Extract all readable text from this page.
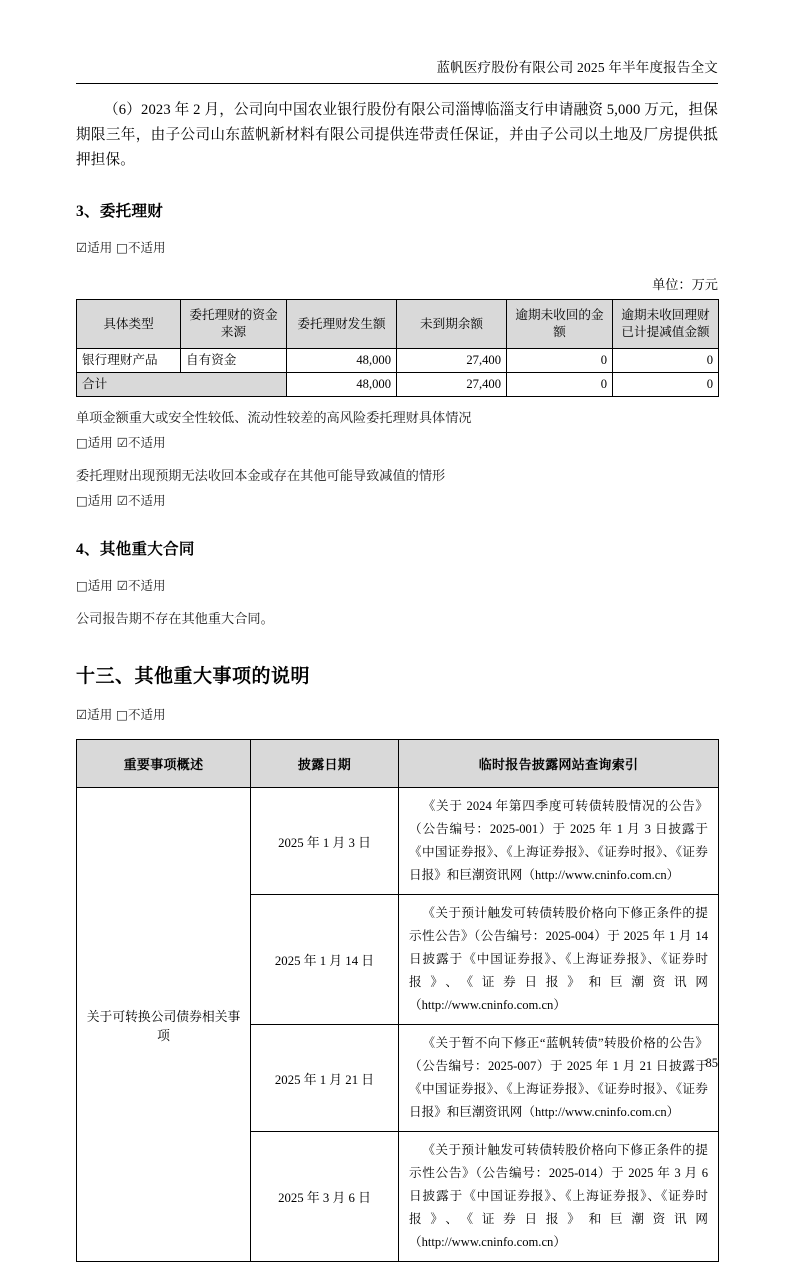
蓝帆医疗股份有限公司 2025 年半年度报告全文

（6）2023 年 2 月，公司向中国农业银行股份有限公司淄博临淄支行申请融资 5,000 万元，担保期限三年，由子公司山东蓝帆新材料有限公司提供连带责任保证，并由子公司以土地及厂房提供抵押担保。

3、委托理财

☑适用 □不适用

单位：万元
具体类型	委托理财的资金来源	委托理财发生额	未到期余额	逾期未收回的金额	逾期未收回理财已计提减值金额
银行理财产品	自有资金	48,000	27,400	0	0
合计		48,000	27,400	0	0

单项金额重大或安全性较低、流动性较差的高风险委托理财具体情况

□适用 ☑不适用

委托理财出现预期无法收回本金或存在其他可能导致减值的情形

□适用 ☑不适用

4、其他重大合同

□适用 ☑不适用

公司报告期不存在其他重大合同。

十三、其他重大事项的说明

☑适用 □不适用

重要事项概述	披露日期	临时报告披露网站查询索引
关于可转换公司债券相关事项	2025 年 1 月 3 日	《关于 2024 年第四季度可转债转股情况的公告》（公告编号：2025-001）于 2025 年 1 月 3 日披露于《中国证券报》、《上海证券报》、《证券时报》、《证券日报》和巨潮资讯网（http://www.cninfo.com.cn）
	2025 年 1 月 14 日	《关于预计触发可转债转股价格向下修正条件的提示性公告》（公告编号：2025-004）于 2025 年 1 月 14 日披露于《中国证券报》、《上海证券报》、《证券时报》、《证券日报》和巨潮资讯网（http://www.cninfo.com.cn）
	2025 年 1 月 21 日	《关于暂不向下修正“蓝帆转债”转股价格的公告》（公告编号：2025-007）于 2025 年 1 月 21 日披露于《中国证券报》、《上海证券报》、《证券时报》、《证券日报》和巨潮资讯网（http://www.cninfo.com.cn）
	2025 年 3 月 6 日	《关于预计触发可转债转股价格向下修正条件的提示性公告》（公告编号：2025-014）于 2025 年 3 月 6 日披露于《中国证券报》、《上海证券报》、《证券时报》、《证券日报》和巨潮资讯网（http://www.cninfo.com.cn）
85
